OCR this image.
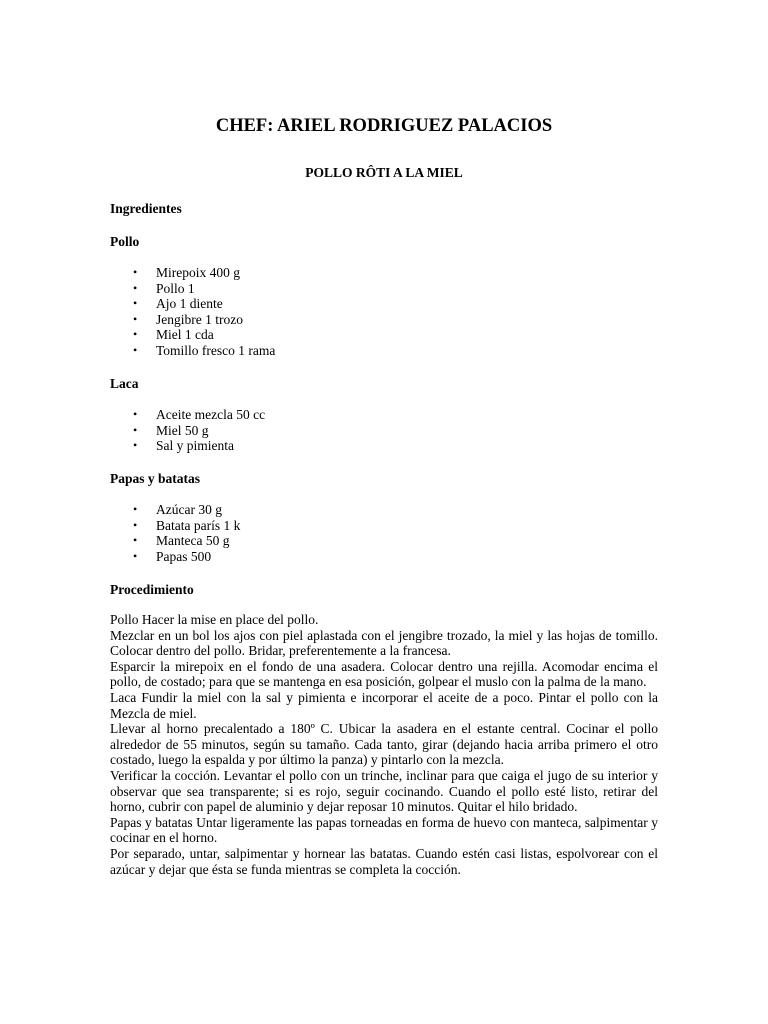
CHEF: ARIEL RODRIGUEZ PALACIOS
POLLO RÔTI A LA MIEL
Ingredientes
Pollo
• Mirepoix 400 g
• Pollo 1
• Ajo 1 diente
• Jengibre 1 trozo
• Miel 1 cda
• Tomillo fresco 1 rama
Laca
• Aceite mezcla 50 cc
• Miel 50 g
• Sal y pimienta
Papas y batatas
• Azúcar 30 g
• Batata parís 1 k
• Manteca 50 g
• Papas 500
Procedimiento

Pollo Hacer la mise en place del pollo.

Mezclar en un bol los ajos con piel aplastada con el jengibre trozado, la miel y las hojas de tomillo. Colocar dentro del pollo. Bridar, preferentemente a la francesa.

Esparcir la mirepoix en el fondo de una asadera. Colocar dentro una rejilla. Acomodar encima el pollo, de costado; para que se mantenga en esa posición, golpear el muslo con la palma de la mano.

Laca Fundir la miel con la sal y pimienta e incorporar el aceite de a poco. Pintar el pollo con la Mezcla de miel.

Llevar al horno precalentado a 180º C. Ubicar la asadera en el estante central. Cocinar el pollo alrededor de 55 minutos, según su tamaño. Cada tanto, girar (dejando hacia arriba primero el otro costado, luego la espalda y por último la panza) y pintarlo con la mezcla.

Verificar la cocción. Levantar el pollo con un trinche, inclinar para que caiga el jugo de su interior y observar que sea transparente; si es rojo, seguir cocinando. Cuando el pollo esté listo, retirar del horno, cubrir con papel de aluminio y dejar reposar 10 minutos. Quitar el hilo bridado.

Papas y batatas Untar ligeramente las papas torneadas en forma de huevo con manteca, salpimentar y cocinar en el horno.

Por separado, untar, salpimentar y hornear las batatas. Cuando estén casi listas, espolvorear con el azúcar y dejar que ésta se funda mientras se completa la cocción.
